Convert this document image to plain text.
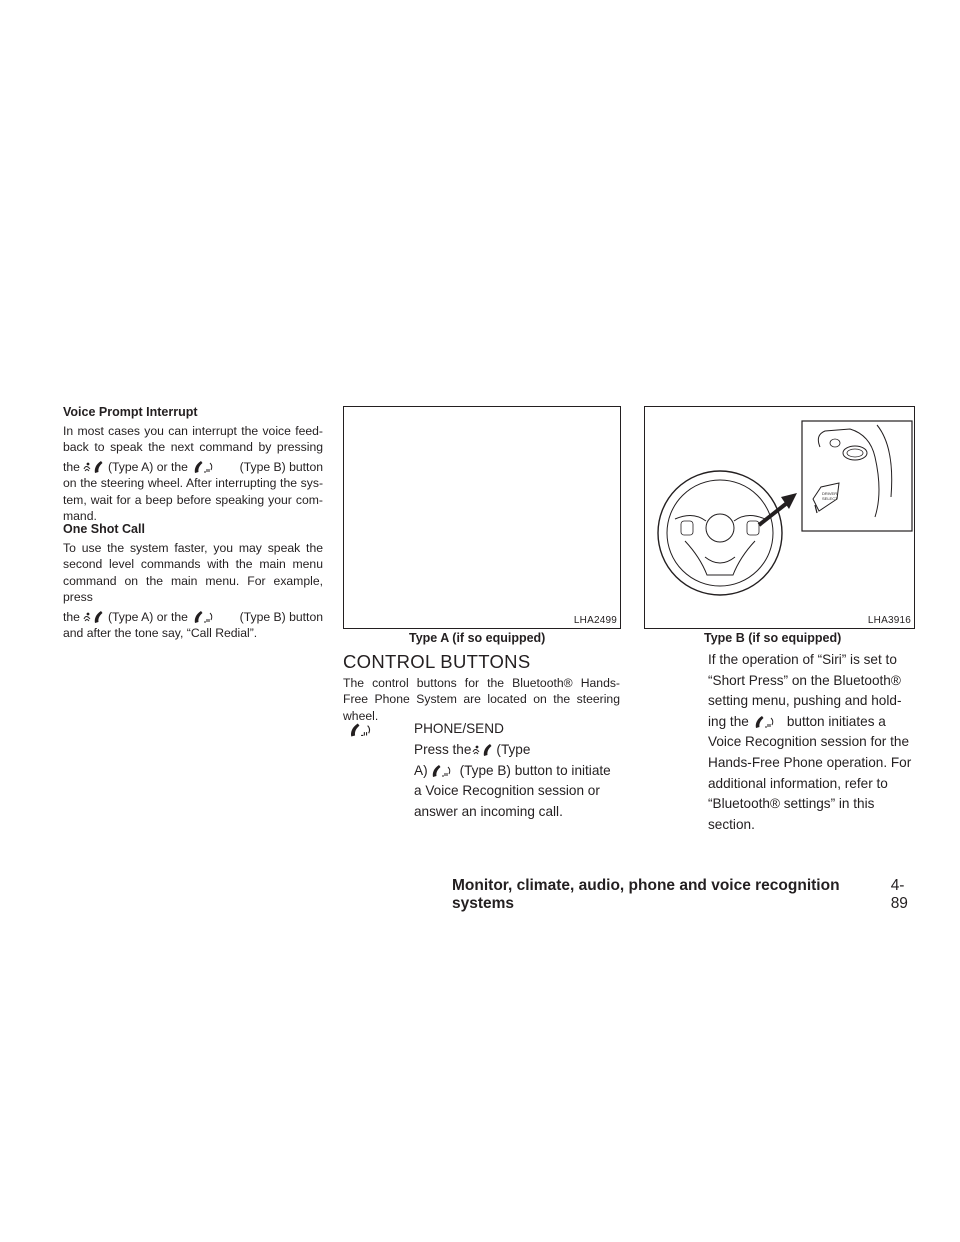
Voice Prompt Interrupt
In most cases you can interrupt the voice feed-
back to speak the next command by pressing
the (Type A) or the	(Type B) button
on the steering wheel. After interrupting the sys-
tem, wait for a beep before speaking your com-
mand.
One Shot Call
To use the system faster, you may speak the
second level commands with the main menu
command on the main menu. For example, press
the (Type A) or the	(Type B) button
and after the tone say, “Call Redial”.
LHA2499
Type A (if so equipped)
DRIVER
SELECT
LHA3916
Type B (if so equipped)
CONTROL BUTTONS
The control buttons for the Bluetooth® Hands-
Free Phone System are located on the steering
wheel.
PHONE/SEND
Press the (Type
A) (Type B) button to initiate
a Voice Recognition session or
answer an incoming call.
If the operation of “Siri” is set to
“Short Press” on the Bluetooth®
setting menu, pushing and hold-
ing the	button initiates a
Voice Recognition session for the
Hands-Free Phone operation. For
additional information, refer to
“Bluetooth® settings” in this
section.
Monitor, climate, audio, phone and voice recognition systems
4-89
